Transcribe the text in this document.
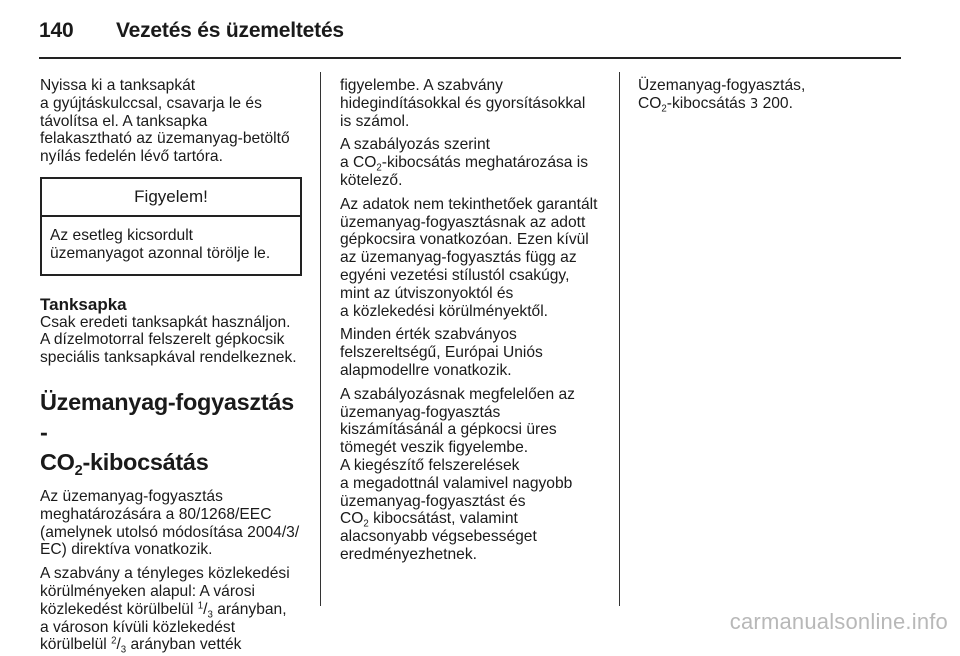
140 Vezetés és üzemeltetés

Nyissa ki a tanksapkát
a gyújtáskulccsal, csavarja le és
távolítsa el. A tanksapka
felakasztható az üzemanyag-betöltő
nyílás fedelén lévő tartóra.

Figyelem!
Az esetleg kicsordult
üzemanyagot azonnal törölje le.
Tanksapka

Csak eredeti tanksapkát használjon.
A dízelmotorral felszerelt gépkocsik
speciális tanksapkával rendelkeznek.

Üzemanyag-fogyasztás -
$CO_2$-kibocsátás

Az üzemanyag-fogyasztás
meghatározására a 80/1268/EEC
(amelynek utolsó módosítása 2004/3/
EC) direktíva vonatkozik.

A szabvány a tényleges közlekedési
körülményeken alapul: A városi
közlekedést körülbelül $^1/_3$ arányban,
a városon kívüli közlekedést
körülbelül $^2/_3$ arányban vették

figyelembe. A szabvány
hidegindításokkal és gyorsításokkal
is számol.

A szabályozás szerint
a $CO_2$-kibocsátás meghatározása is
kötelező.

Az adatok nem tekinthetőek garantált
üzemanyag-fogyasztásnak az adott
gépkocsira vonatkozóan. Ezen kívül
az üzemanyag-fogyasztás függ az
egyéni vezetési stílustól csakúgy,
mint az útviszonyoktól és
a közlekedési körülményektől.

Minden érték szabványos
felszereltségű, Európai Uniós
alapmodellre vonatkozik.

A szabályozásnak megfelelően az
üzemanyag-fogyasztás
kiszámításánál a gépkocsi üres
tömegét veszik figyelembe.
A kiegészítő felszerelések
a megadottnál valamivel nagyobb
üzemanyag-fogyasztást és
$CO_2$ kibocsátást, valamint
alacsonyabb végsebességet
eredményezhetnek.

Üzemanyag-fogyasztás,
$CO_2$-kibocsátás 3 200.

carmanualsonline.info
